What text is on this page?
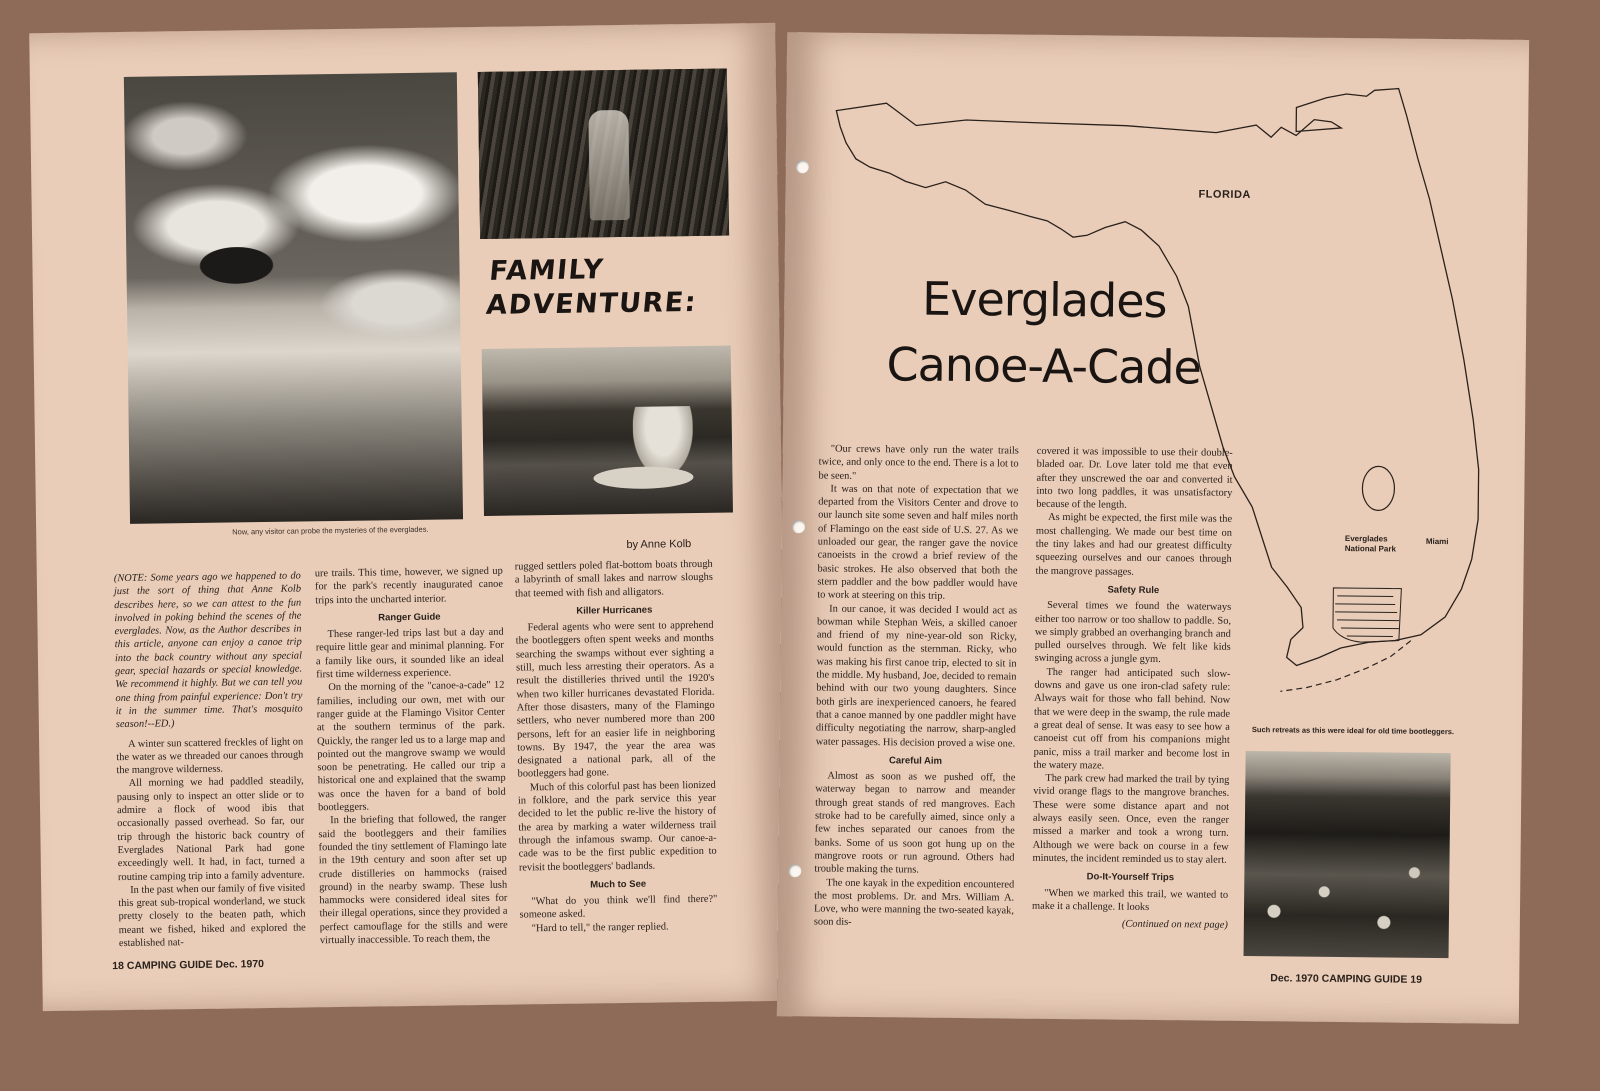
FAMILY
ADVENTURE:
Now, any visitor can probe the mysteries of the everglades.
by Anne Kolb

(NOTE: Some years ago we happened to do just the sort of thing that Anne Kolb describes here, so we can attest to the fun involved in poking behind the scenes of the everglades. Now, as the Author describes in this article, anyone can enjoy a canoe trip into the back country without any special gear, special hazards or special knowledge. We recommend it highly. But we can tell you one thing from painful experience: Don't try it in the summer time. That's mosquito season!--ED.)

A winter sun scattered freckles of light on the water as we threaded our canoes through the mangrove wilderness.

All morning we had paddled steadily, pausing only to inspect an otter slide or to admire a flock of wood ibis that occasionally passed overhead. So far, our trip through the historic back country of Everglades National Park had gone exceedingly well. It had, in fact, turned a routine camping trip into a family adventure.

In the past when our family of five visited this great sub-tropical wonderland, we stuck pretty closely to the beaten path, which meant we fished, hiked and explored the established nat-

ure trails. This time, however, we signed up for the park's recently inaugurated canoe trips into the uncharted interior.

Ranger Guide

These ranger-led trips last but a day and require little gear and minimal planning. For a family like ours, it sounded like an ideal first time wilderness experience.

On the morning of the "canoe-a-cade" 12 families, including our own, met with our ranger guide at the Flamingo Visitor Center at the southern terminus of the park. Quickly, the ranger led us to a large map and pointed out the mangrove swamp we would soon be penetrating. He called our trip a historical one and explained that the swamp was once the haven for a band of bold bootleggers.

In the briefing that followed, the ranger said the bootleggers and their families founded the tiny settlement of Flamingo late in the 19th century and soon after set up crude distilleries on hammocks (raised ground) in the nearby swamp. These lush hammocks were considered ideal sites for their illegal operations, since they provided a perfect camouflage for the stills and were virtually inaccessible. To reach them, the

rugged settlers poled flat-bottom boats through a labyrinth of small lakes and narrow sloughs that teemed with fish and alligators.

Killer Hurricanes

Federal agents who were sent to apprehend the bootleggers often spent weeks and months searching the swamps without ever sighting a still, much less arresting their operators. As a result the distilleries thrived until the 1920's when two killer hurricanes devastated Florida. After those disasters, many of the Flamingo settlers, who never numbered more than 200 persons, left for an easier life in neighboring towns. By 1947, the year the area was designated a national park, all of the bootleggers had gone.

Much of this colorful past has been lionized in folklore, and the park service this year decided to let the public re-live the history of the area by marking a water wilderness trail through the infamous swamp. Our canoe-a-cade was to be the first public expedition to revisit the bootleggers' badlands.

Much to See

"What do you think we'll find there?" someone asked.

"Hard to tell," the ranger replied.

18 CAMPING GUIDE Dec. 1970
FLORIDA
Everglades
National Park
Miami
Everglades
Canoe-A-Cade

"Our crews have only run the water trails twice, and only once to the end. There is a lot to be seen."

It was on that note of expectation that we departed from the Visitors Center and drove to our launch site some seven and half miles north of Flamingo on the east side of U.S. 27. As we unloaded our gear, the ranger gave the novice canoeists in the crowd a brief review of the basic strokes. He also observed that both the stern paddler and the bow paddler would have to work at steering on this trip.

In our canoe, it was decided I would act as bowman while Stephan Weis, a skilled canoer and friend of my nine-year-old son Ricky, would function as the sternman. Ricky, who was making his first canoe trip, elected to sit in the middle. My husband, Joe, decided to remain behind with our two young daughters. Since both girls are inexperienced canoers, he feared that a canoe manned by one paddler might have difficulty negotiating the narrow, sharp-angled water passages. His decision proved a wise one.

Careful Aim

Almost as soon as we pushed off, the waterway began to narrow and meander through great stands of red mangroves. Each stroke had to be carefully aimed, since only a few inches separated our canoes from the banks. Some of us soon got hung up on the mangrove roots or run aground. Others had trouble making the turns.

The one kayak in the expedition encountered the most problems. Dr. and Mrs. William A. Love, who were manning the two-seated kayak, soon dis-

covered it was impossible to use their double-bladed oar. Dr. Love later told me that even after they unscrewed the oar and converted it into two long paddles, it was unsatisfactory because of the length.

As might be expected, the first mile was the most challenging. We made our best time on the tiny lakes and had our greatest difficulty squeezing ourselves and our canoes through the mangrove passages.

Safety Rule

Several times we found the waterways either too narrow or too shallow to paddle. So, we simply grabbed an overhanging branch and pulled ourselves through. We felt like kids swinging across a jungle gym.

The ranger had anticipated such slow-downs and gave us one iron-clad safety rule: Always wait for those who fall behind. Now that we were deep in the swamp, the rule made a great deal of sense. It was easy to see how a canoeist cut off from his companions might panic, miss a trail marker and become lost in the watery maze.

The park crew had marked the trail by tying vivid orange flags to the mangrove branches. These were some distance apart and not always easily seen. Once, even the ranger missed a marker and took a wrong turn. Although we were back on course in a few minutes, the incident reminded us to stay alert.

Do-It-Yourself Trips

"When we marked this trail, we wanted to make it a challenge. It looks

(Continued on next page)

Such retreats as this were ideal for old time bootleggers.
Dec. 1970 CAMPING GUIDE 19
